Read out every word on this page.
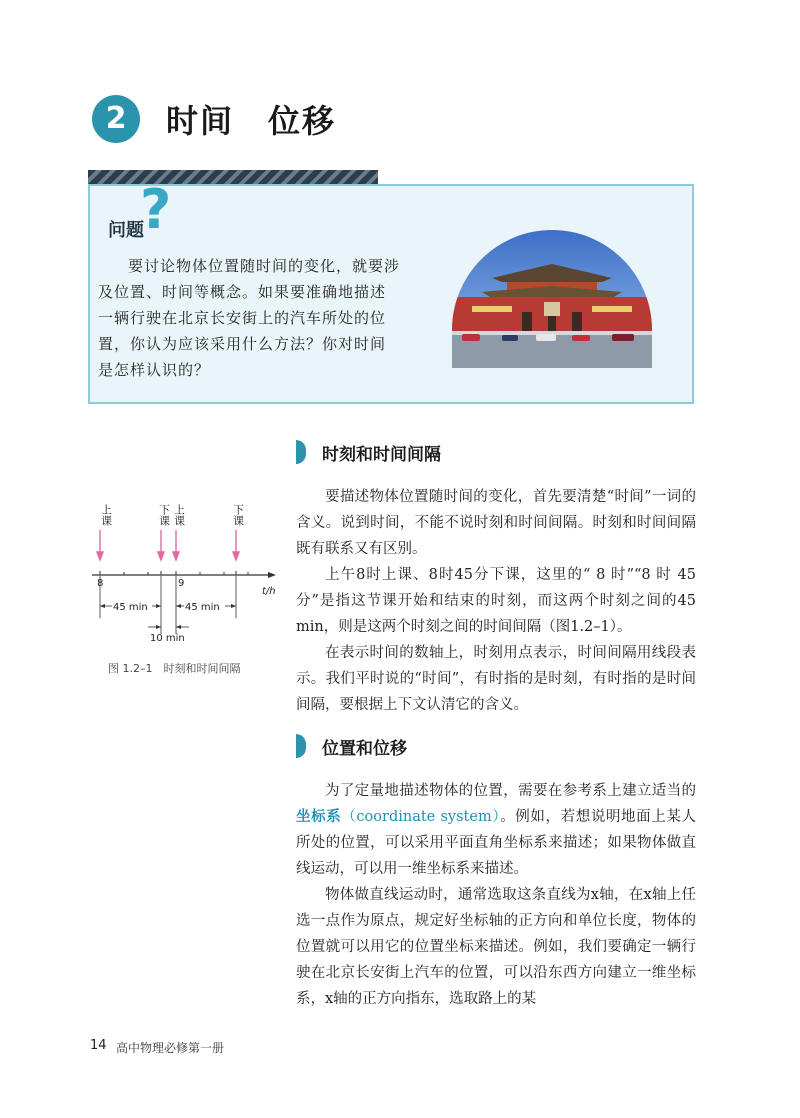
2	时间　位移
问题
?

要讨论物体位置随时间的变化，就要涉及位置、时间等概念。如果要准确地描述一辆行驶在北京长安街上的汽车所处的位置，你认为应该采用什么方法？你对时间是怎样认识的？

上课	下课 上课	下课
8	9
t/h
45 min	45 min
10 min
图 1.2–1　时刻和时间间隔
时刻和时间间隔

要描述物体位置随时间的变化，首先要清楚“时间”一词的含义。说到时间，不能不说时刻和时间间隔。时刻和时间间隔既有联系又有区别。

上午8时上课、8时45分下课，这里的“ 8 时”“8 时 45 分”是指这节课开始和结束的时刻，而这两个时刻之间的45 min，则是这两个时刻之间的时间间隔（图1.2–1）。

在表示时间的数轴上，时刻用点表示，时间间隔用线段表示。我们平时说的“时间”，有时指的是时刻，有时指的是时间间隔，要根据上下文认清它的含义。

位置和位移

为了定量地描述物体的位置，需要在参考系上建立适当的坐标系（coordinate system）。例如，若想说明地面上某人所处的位置，可以采用平面直角坐标系来描述；如果物体做直线运动，可以用一维坐标系来描述。

物体做直线运动时，通常选取这条直线为x轴，在x轴上任选一点作为原点，规定好坐标轴的正方向和单位长度，物体的位置就可以用它的位置坐标来描述。例如，我们要确定一辆行驶在北京长安街上汽车的位置，可以沿东西方向建立一维坐标系，x轴的正方向指东，选取路上的某

14 高中物理必修第一册
